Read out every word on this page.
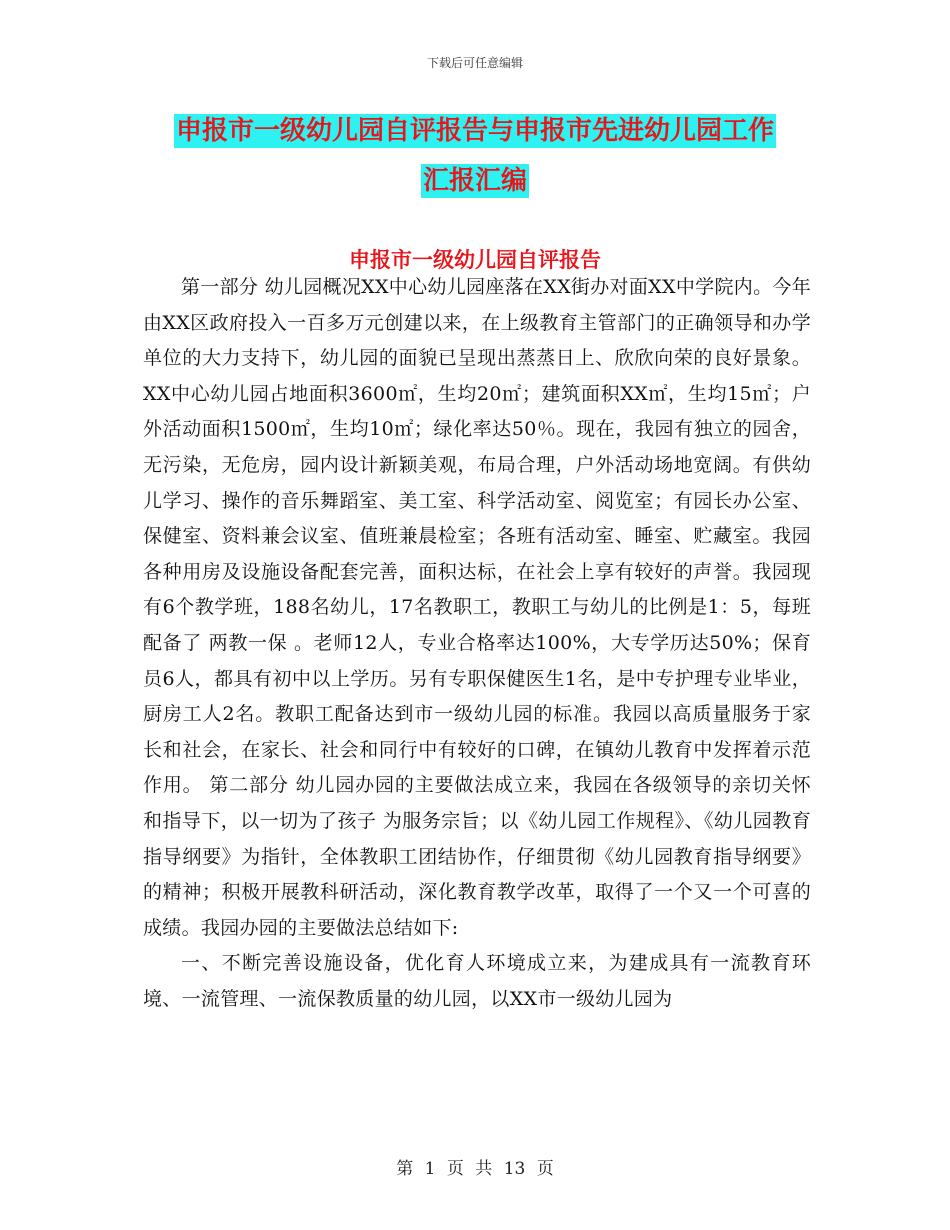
下载后可任意编辑
申报市一级幼儿园自评报告与申报市先进幼儿园工作
汇报汇编
申报市一级幼儿园自评报告

第一部分 幼儿园概况XX中心幼儿园座落在XX街办对面XX中学院内。今年由XX区政府投入一百多万元创建以来，在上级教育主管部门的正确领导和办学单位的大力支持下，幼儿园的面貌已呈现出蒸蒸日上、欣欣向荣的良好景象。XX中心幼儿园占地面积3600㎡，生均20㎡；建筑面积XX㎡，生均15㎡；户外活动面积1500㎡，生均10㎡；绿化率达50％。现在，我园有独立的园舍，无污染，无危房，园内设计新颖美观，布局合理，户外活动场地宽阔。有供幼儿学习、操作的音乐舞蹈室、美工室、科学活动室、阅览室；有园长办公室、保健室、资料兼会议室、值班兼晨检室；各班有活动室、睡室、贮藏室。我园各种用房及设施设备配套完善，面积达标，在社会上享有较好的声誉。我园现有6个教学班，188名幼儿，17名教职工，教职工与幼儿的比例是1：5，每班配备了 两教一保 。老师12人，专业合格率达100%，大专学历达50%；保育员6人，都具有初中以上学历。另有专职保健医生1名，是中专护理专业毕业，厨房工人2名。教职工配备达到市一级幼儿园的标准。我园以高质量服务于家长和社会，在家长、社会和同行中有较好的口碑，在镇幼儿教育中发挥着示范作用。 第二部分 幼儿园办园的主要做法成立来，我园在各级领导的亲切关怀和指导下，以一切为了孩子 为服务宗旨；以《幼儿园工作规程》、《幼儿园教育指导纲要》为指针，全体教职工团结协作，仔细贯彻《幼儿园教育指导纲要》的精神；积极开展教科研活动，深化教育教学改革，取得了一个又一个可喜的成绩。我园办园的主要做法总结如下:

一、不断完善设施设备，优化育人环境成立来，为建成具有一流教育环境、一流管理、一流保教质量的幼儿园，以XX市一级幼儿园为

第 1 页 共 13 页
